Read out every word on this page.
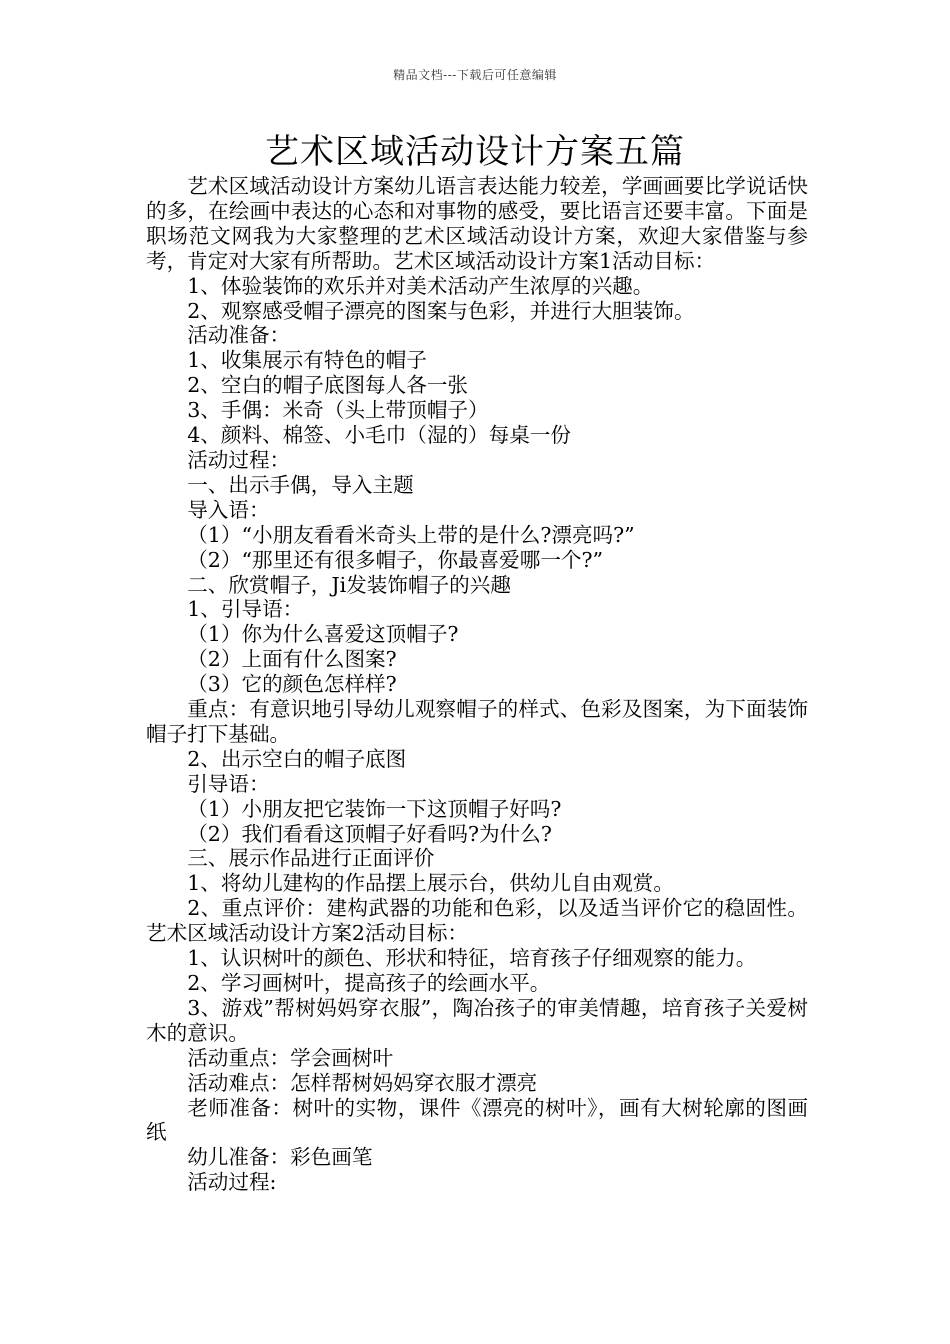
精品文档---下载后可任意编辑
艺术区域活动设计方案五篇

艺术区域活动设计方案幼儿语言表达能力较差，学画画要比学说话快的多，在绘画中表达的心态和对事物的感受，要比语言还要丰富。下面是职场范文网我为大家整理的艺术区域活动设计方案，欢迎大家借鉴与参考，肯定对大家有所帮助。艺术区域活动设计方案1活动目标：

1、体验装饰的欢乐并对美术活动产生浓厚的兴趣。

2、观察感受帽子漂亮的图案与色彩，并进行大胆装饰。

活动准备：

1、收集展示有特色的帽子

2、空白的帽子底图每人各一张

3、手偶：米奇（头上带顶帽子）

4、颜料、棉签、小毛巾（湿的）每桌一份

活动过程：

一、出示手偶，导入主题

导入语：

（1）“小朋友看看米奇头上带的是什么?漂亮吗?”

（2）“那里还有很多帽子，你最喜爱哪一个?”

二、欣赏帽子，Ji发装饰帽子的兴趣

1、引导语：

（1）你为什么喜爱这顶帽子?

（2）上面有什么图案?

（3）它的颜色怎样样?

重点：有意识地引导幼儿观察帽子的样式、色彩及图案，为下面装饰帽子打下基础。

2、出示空白的帽子底图

引导语：

（1）小朋友把它装饰一下这顶帽子好吗?

（2）我们看看这顶帽子好看吗?为什么?

三、展示作品进行正面评价

1、将幼儿建构的作品摆上展示台，供幼儿自由观赏。

2、重点评价：建构武器的功能和色彩，以及适当评价它的稳固性。艺术区域活动设计方案2活动目标：

1、认识树叶的颜色、形状和特征，培育孩子仔细观察的能力。

2、学习画树叶，提高孩子的绘画水平。

3、游戏”帮树妈妈穿衣服”，陶冶孩子的审美情趣，培育孩子关爱树木的意识。

活动重点：学会画树叶

活动难点：怎样帮树妈妈穿衣服才漂亮

老师准备：树叶的实物，课件《漂亮的树叶》，画有大树轮廓的图画纸

幼儿准备：彩色画笔

活动过程:
